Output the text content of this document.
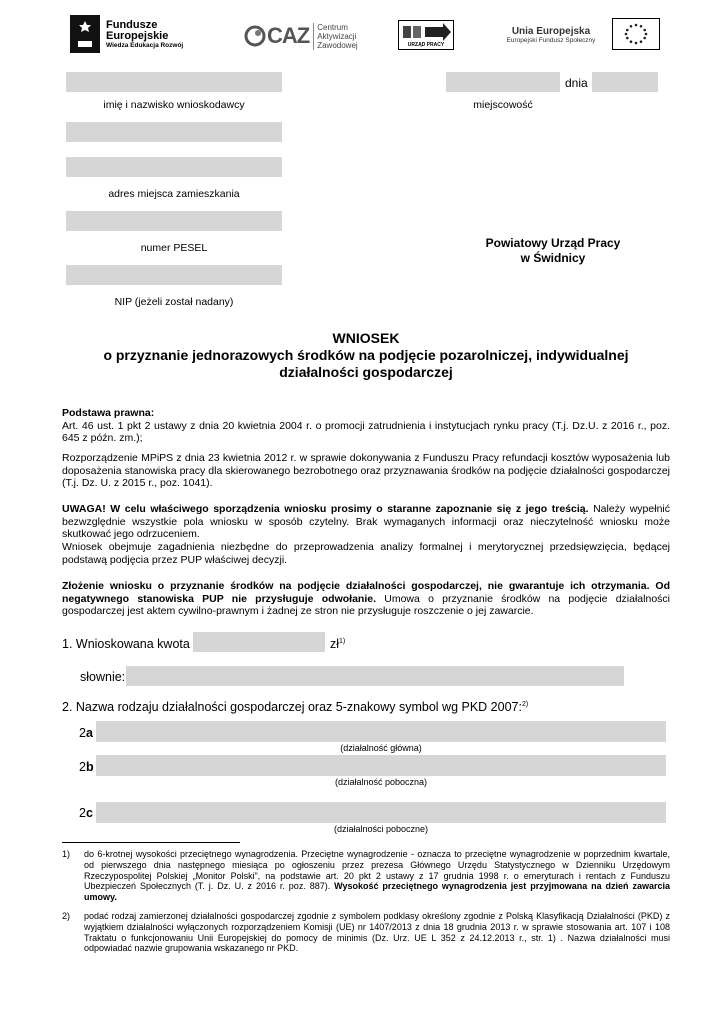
Fundusze
Europejskie
Wiedza Edukacja Rozwój	CAZ Centrum
Aktywizacji
Zawodowej	URZĄD PRACY
Unia Europejska
Europejski Fundusz Społeczny
imię i nazwisko wnioskodawcy
dnia
miejscowość
adres miejsca zamieszkania
numer PESEL
NIP (jeżeli został nadany)
Powiatowy Urząd Pracy
w Świdnicy
WNIOSEK
o przyznanie jednorazowych środków na podjęcie pozarolniczej, indywidualnej
działalności gospodarczej
Podstawa prawna:
Art. 46 ust. 1 pkt 2 ustawy z dnia 20 kwietnia 2004 r. o promocji zatrudnienia i instytucjach rynku pracy (T.j. Dz.U. z 2016 r., poz. 645 z późn. zm.);
Rozporządzenie MPiPS z dnia 23 kwietnia 2012 r. w sprawie dokonywania z Funduszu Pracy refundacji kosztów wyposażenia lub doposażenia stanowiska pracy dla skierowanego bezrobotnego oraz przyznawania środków na podjęcie działalności gospodarczej (T.j. Dz. U. z 2015 r., poz. 1041).
UWAGA! W celu właściwego sporządzenia wniosku prosimy o staranne zapoznanie się z jego treścią. Należy wypełnić bezwzględnie wszystkie pola wniosku w sposób czytelny. Brak wymaganych informacji oraz nieczytelność wniosku może skutkować jego odrzuceniem.
Wniosek obejmuje zagadnienia niezbędne do przeprowadzenia analizy formalnej i merytorycznej przedsięwzięcia, będącej podstawą podjęcia przez PUP właściwej decyzji.
Złożenie wniosku o przyznanie środków na podjęcie działalności gospodarczej, nie gwarantuje ich otrzymania. Od negatywnego stanowiska PUP nie przysługuje odwołanie. Umowa o przyznanie środków na podjęcie działalności gospodarczej jest aktem cywilno-prawnym i żadnej ze stron nie przysługuje roszczenie o jej zawarcie.
1. Wnioskowana kwota	$zł^{1)}$
słownie:
2. Nazwa rodzaju działalności gospodarczej oraz 5-znakowy symbol wg PKD 2007:$^{2)}$
2a
(działalność główna)
2b
(działalność poboczna)
2c
(działalności poboczne)
1) do 6-krotnej wysokości przeciętnego wynagrodzenia. Przeciętne wynagrodzenie - oznacza to przeciętne wynagrodzenie w poprzednim kwartale, od pierwszego dnia następnego miesiąca po ogłoszeniu przez prezesa Głównego Urzędu Statystycznego w Dzienniku Urzędowym Rzeczypospolitej Polskiej „Monitor Polski”, na podstawie art. 20 pkt 2 ustawy z 17 grudnia 1998 r. o emeryturach i rentach z Funduszu Ubezpieczeń Społecznych (T. j. Dz. U. z 2016 r. poz. 887). Wysokość przeciętnego wynagrodzenia jest przyjmowana na dzień zawarcia umowy.
2) podać rodzaj zamierzonej działalności gospodarczej zgodnie z symbolem podklasy określony zgodnie z Polską Klasyfikacją Działalności (PKD) z wyjątkiem działalności wyłączonych rozporządzeniem Komisji (UE) nr 1407/2013 z dnia 18 grudnia 2013 r. w sprawie stosowania art. 107 i 108 Traktatu o funkcjonowaniu Unii Europejskiej do pomocy de minimis (Dz. Urz. UE L 352 z 24.12.2013 r., str. 1) . Nazwa działalności musi odpowiadać nazwie grupowania wskazanego nr PKD.
